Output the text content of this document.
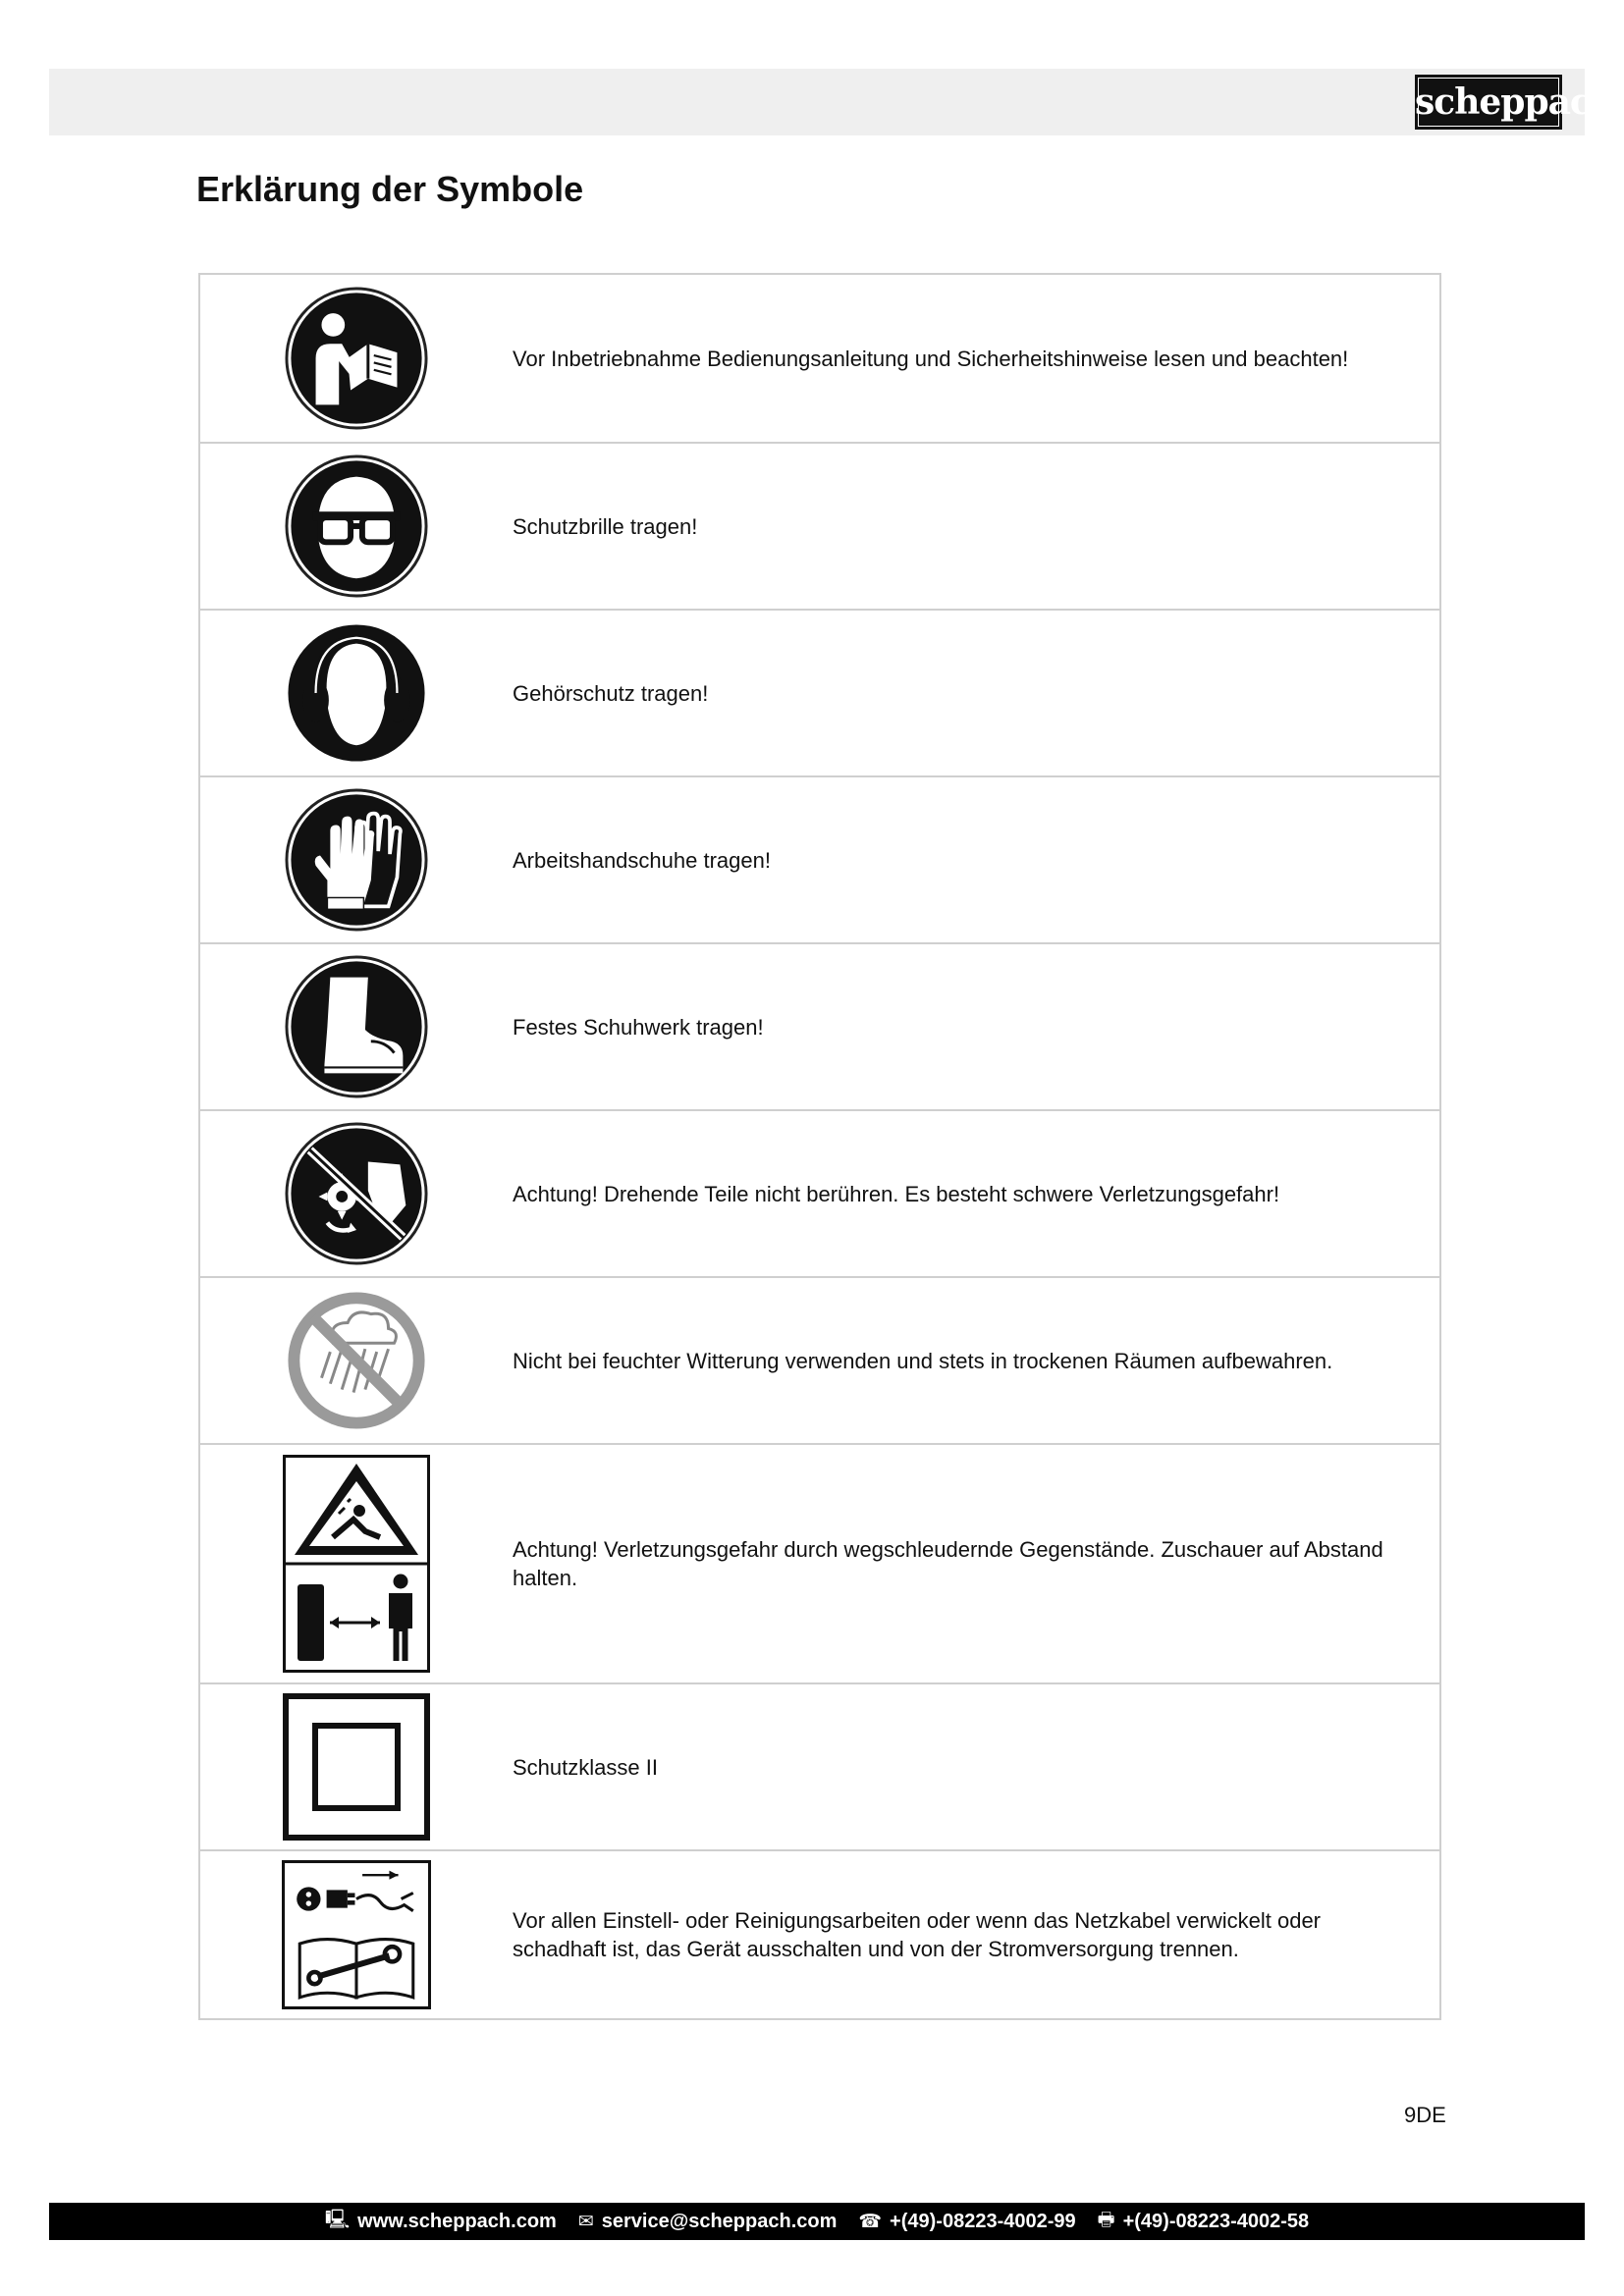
scheppach
Erklärung der Symbole
Vor Inbetriebnahme Bedienungsanleitung und Sicherheitshinweise lesen und beachten!
Schutzbrille tragen!
Gehörschutz tragen!
Arbeitshandschuhe tragen!
Festes Schuhwerk tragen!
Achtung! Drehende Teile nicht berühren. Es besteht schwere Verletzungsgefahr!
Nicht bei feuchter Witterung verwenden und stets in trockenen Räumen aufbewahren.
Achtung! Verletzungsgefahr durch wegschleudernde Gegenstände. Zuschauer auf Abstand halten.
Schutzklasse II
Vor allen Einstell- oder Reinigungsarbeiten oder wenn das Netzkabel verwickelt oder schadhaft ist, das Gerät ausschalten und von der Stromversorgung trennen.
9DE
🖳 www.scheppach.com ✉ service@scheppach.com ☎ +(49)-08223-4002-99 🖶 +(49)-08223-4002-58
